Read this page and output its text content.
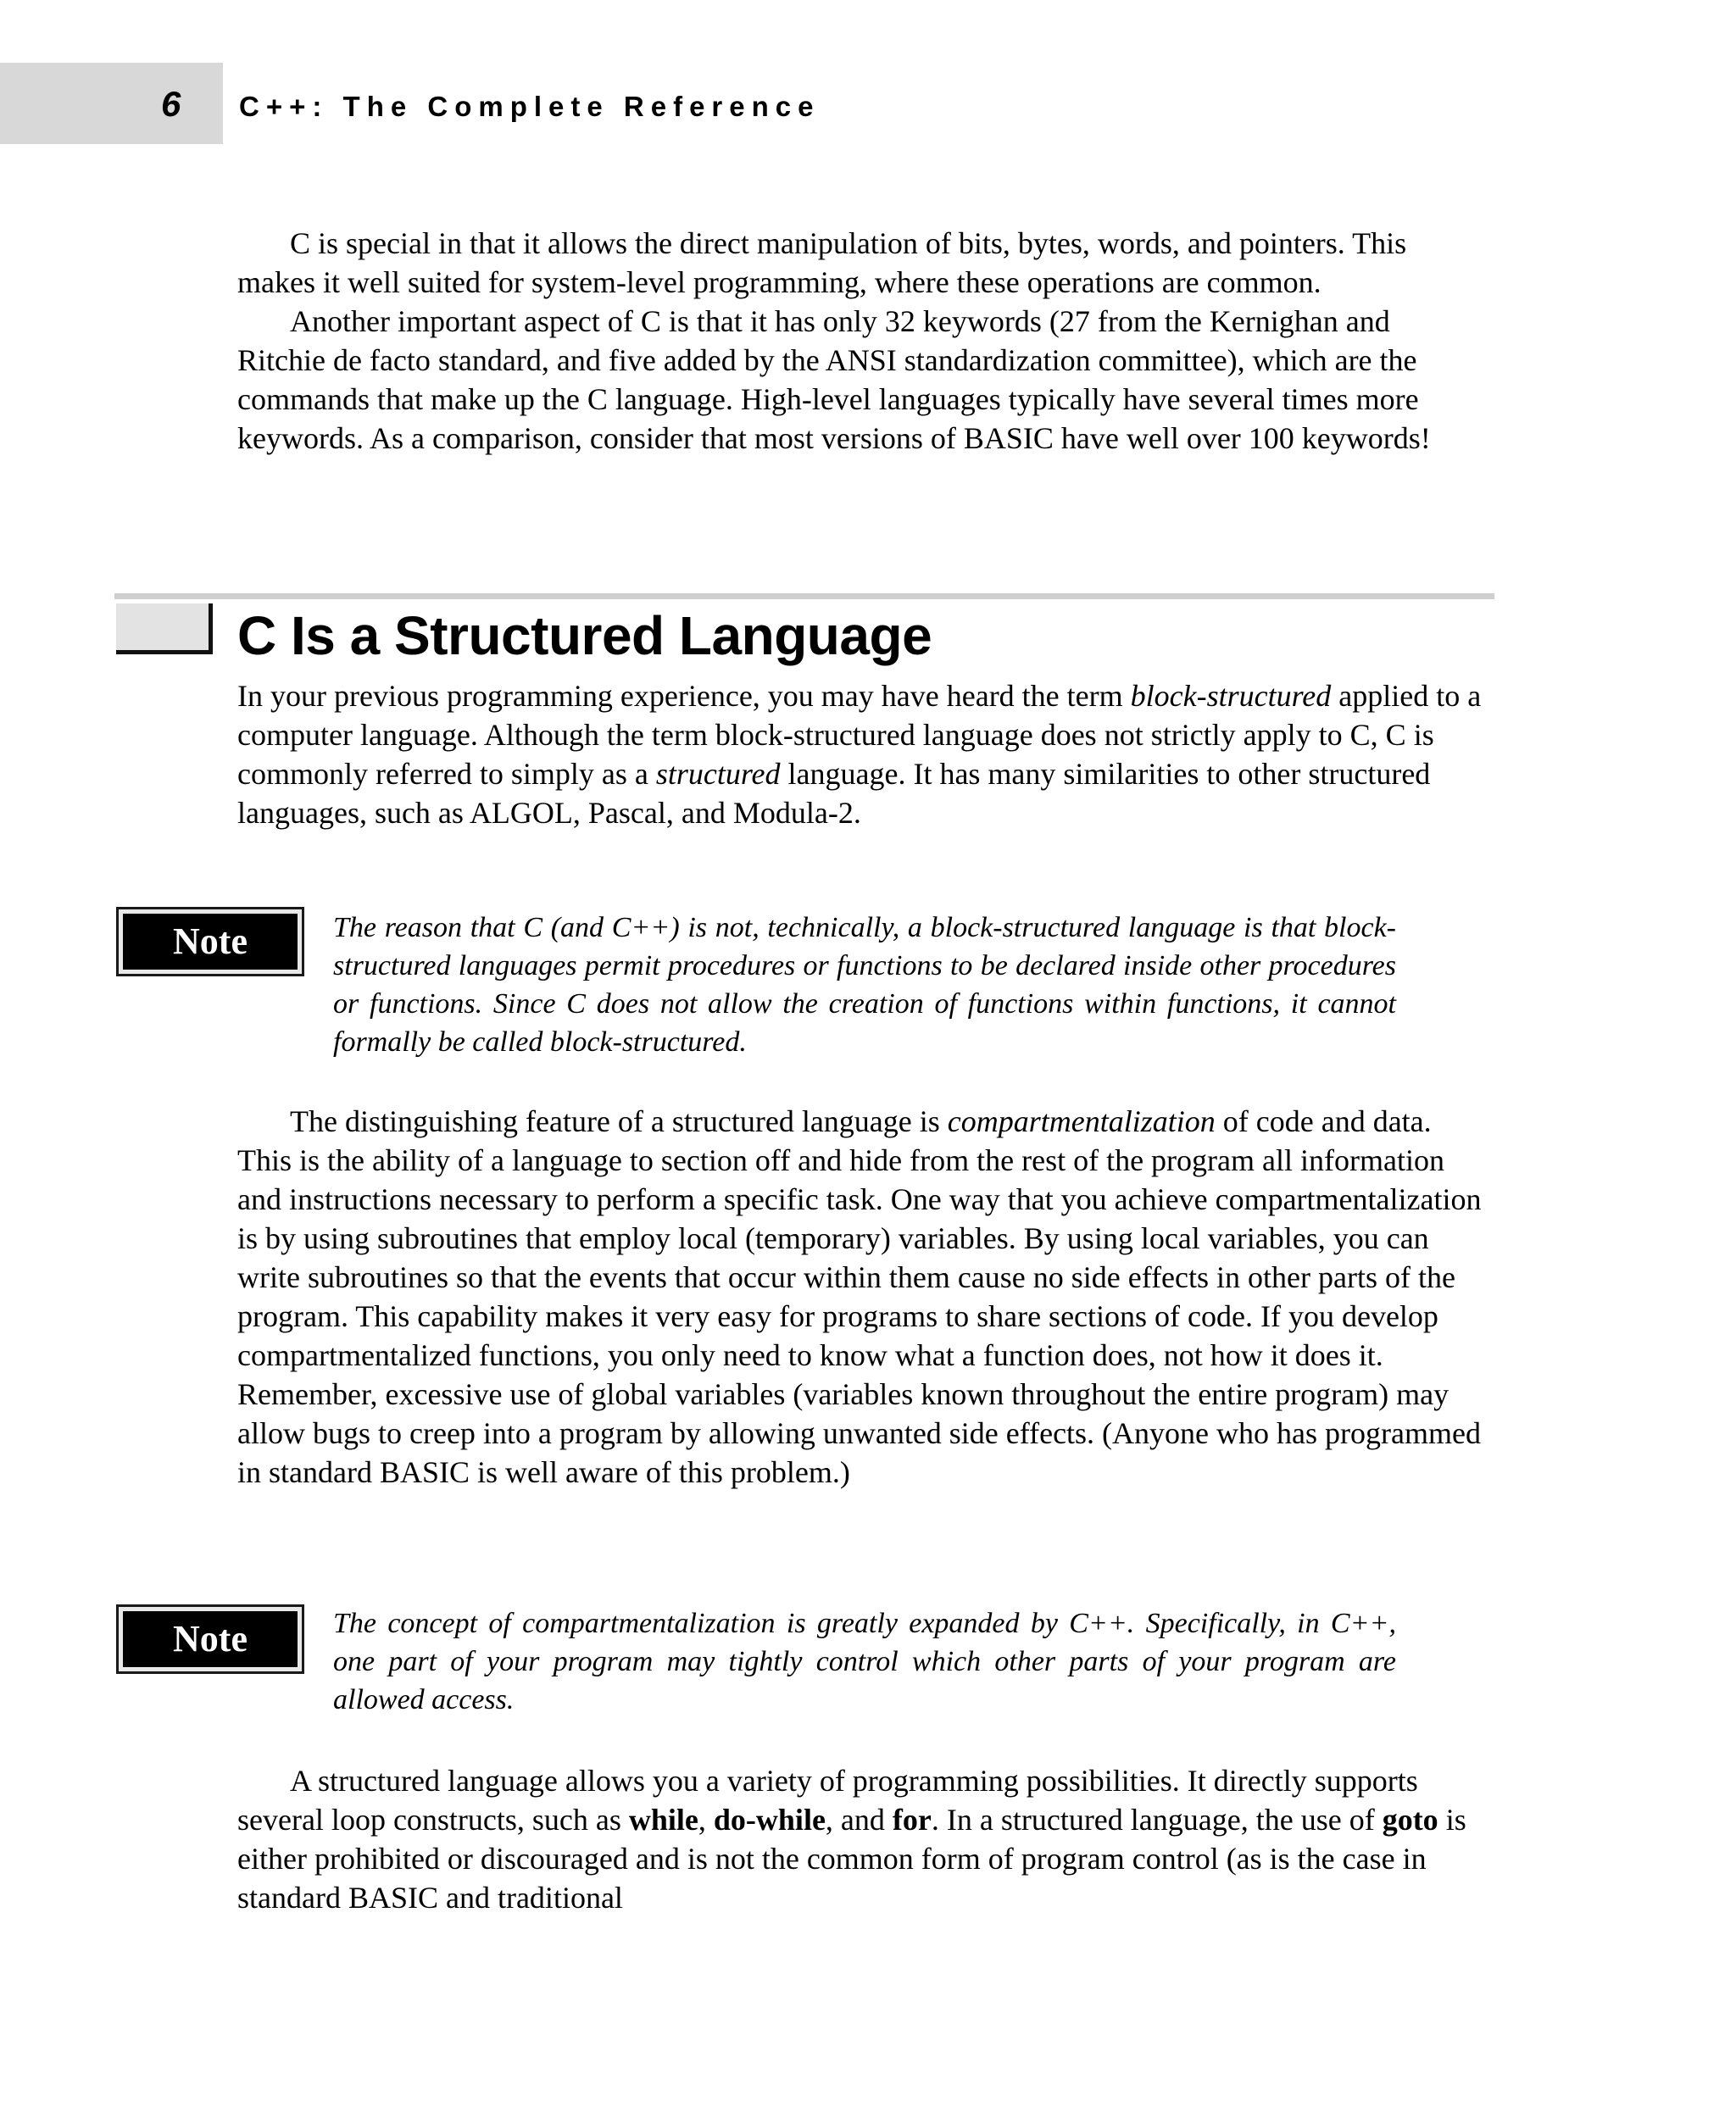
6	C++: The Complete Reference

C is special in that it allows the direct manipulation of bits, bytes, words, and pointers. This makes it well suited for system-level programming, where these operations are common.

Another important aspect of C is that it has only 32 keywords (27 from the Kernighan and Ritchie de facto standard, and five added by the ANSI standardization committee), which are the commands that make up the C language. High-level languages typically have several times more keywords. As a comparison, consider that most versions of BASIC have well over 100 keywords!

C Is a Structured Language

In your previous programming experience, you may have heard the term block-structured applied to a computer language. Although the term block-structured language does not strictly apply to C, C is commonly referred to simply as a structured language. It has many similarities to other structured languages, such as ALGOL, Pascal, and Modula-2.

Note	The reason that C (and C++) is not, technically, a block-structured language is that block-structured languages permit procedures or functions to be declared inside other procedures or functions. Since C does not allow the creation of functions within functions, it cannot formally be called block-structured.

The distinguishing feature of a structured language is compartmentalization of code and data. This is the ability of a language to section off and hide from the rest of the program all information and instructions necessary to perform a specific task. One way that you achieve compartmentalization is by using subroutines that employ local (temporary) variables. By using local variables, you can write subroutines so that the events that occur within them cause no side effects in other parts of the program. This capability makes it very easy for programs to share sections of code. If you develop compartmentalized functions, you only need to know what a function does, not how it does it. Remember, excessive use of global variables (variables known throughout the entire program) may allow bugs to creep into a program by allowing unwanted side effects. (Anyone who has programmed in standard BASIC is well aware of this problem.)

Note	The concept of compartmentalization is greatly expanded by C++. Specifically, in C++, one part of your program may tightly control which other parts of your program are allowed access.

A structured language allows you a variety of programming possibilities. It directly supports several loop constructs, such as while, do-while, and for. In a structured language, the use of goto is either prohibited or discouraged and is not the common form of program control (as is the case in standard BASIC and traditional
